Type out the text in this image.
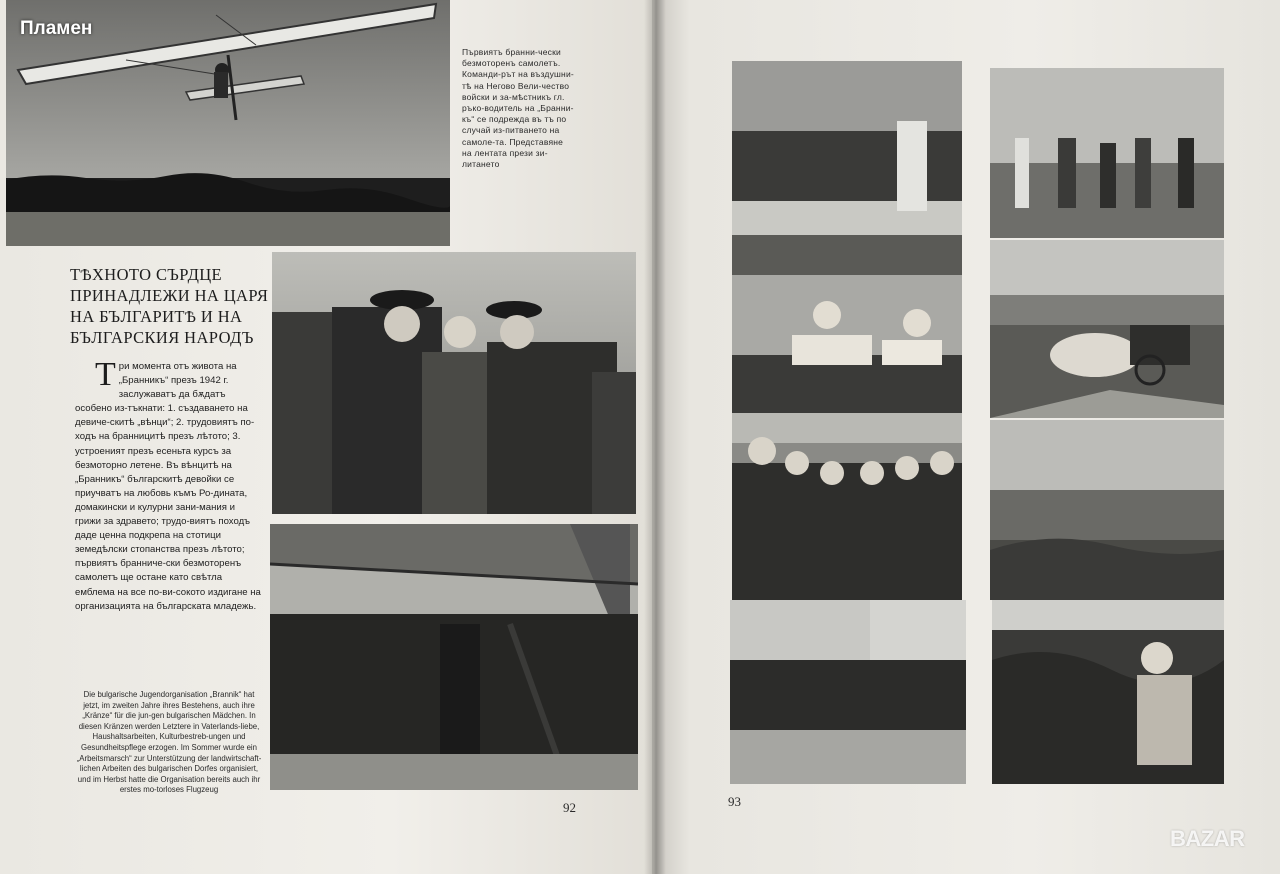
Пламен
Първиятъ бранни-чески безмоторенъ самолетъ. Команди-рът на въздушни-тѣ на Негово Вели-чество войски и за-мѣстникъ гл. ръко-водитель на „Бранни-къ“ се подрежда въ тъ по случай из-питването на самоле-та. Представяне на лентата прези зи-литането
ТѢХНОТО СЪРДЦЕ
ПРИНАДЛЕЖИ НА ЦАРЯ
НА БЪЛГАРИТѢ И НА
БЪЛГАРСКИЯ НАРОДЪ
Т ри момента отъ живота на „Бранникъ“ презъ 1942 г. заслужаватъ да бѫдатъ особено из-тъкнати: 1. създаването на девиче-скитѣ „вѣнци“; 2. трудовиятъ по-ходъ на бранницитѣ презъ лѣтото; 3. устроеният презъ есеньта курсъ за безмоторно летене. Въ вѣнцитѣ на „Бранникъ“ българскитѣ девойки се приучватъ на любовь къмъ Ро-дината, домакински и кулурни зани-мания и грижи за здравето; трудо-виятъ походъ даде ценна подкрепа на стотици земедѣлски стопанства презъ лѣтото; първиятъ бранниче-ски безмоторенъ самолетъ ще остане като свѣтла емблема на все по-ви-сокото издигане на организацията на българската младежь.
Die bulgarische Jugendorganisation „Brannik“ hat jetzt, im zweiten Jahre ihres Bestehens, auch ihre „Kränze“ für die jun-gen bulgarischen Mädchen. In diesen Kränzen werden Letztere in Vaterlands-liebe, Haushaltsarbeiten, Kulturbestreb-ungen und Gesundheitspflege erzogen. Im Sommer wurde ein „Arbeitsmarsch“ zur Unterstützung der landwirtschaft-lichen Arbeiten des bulgarischen Dorfes organisiert, und im Herbst hatte die Organisation bereits auch ihr erstes mo-torloses Flugzeug
92	93
BAZAR
